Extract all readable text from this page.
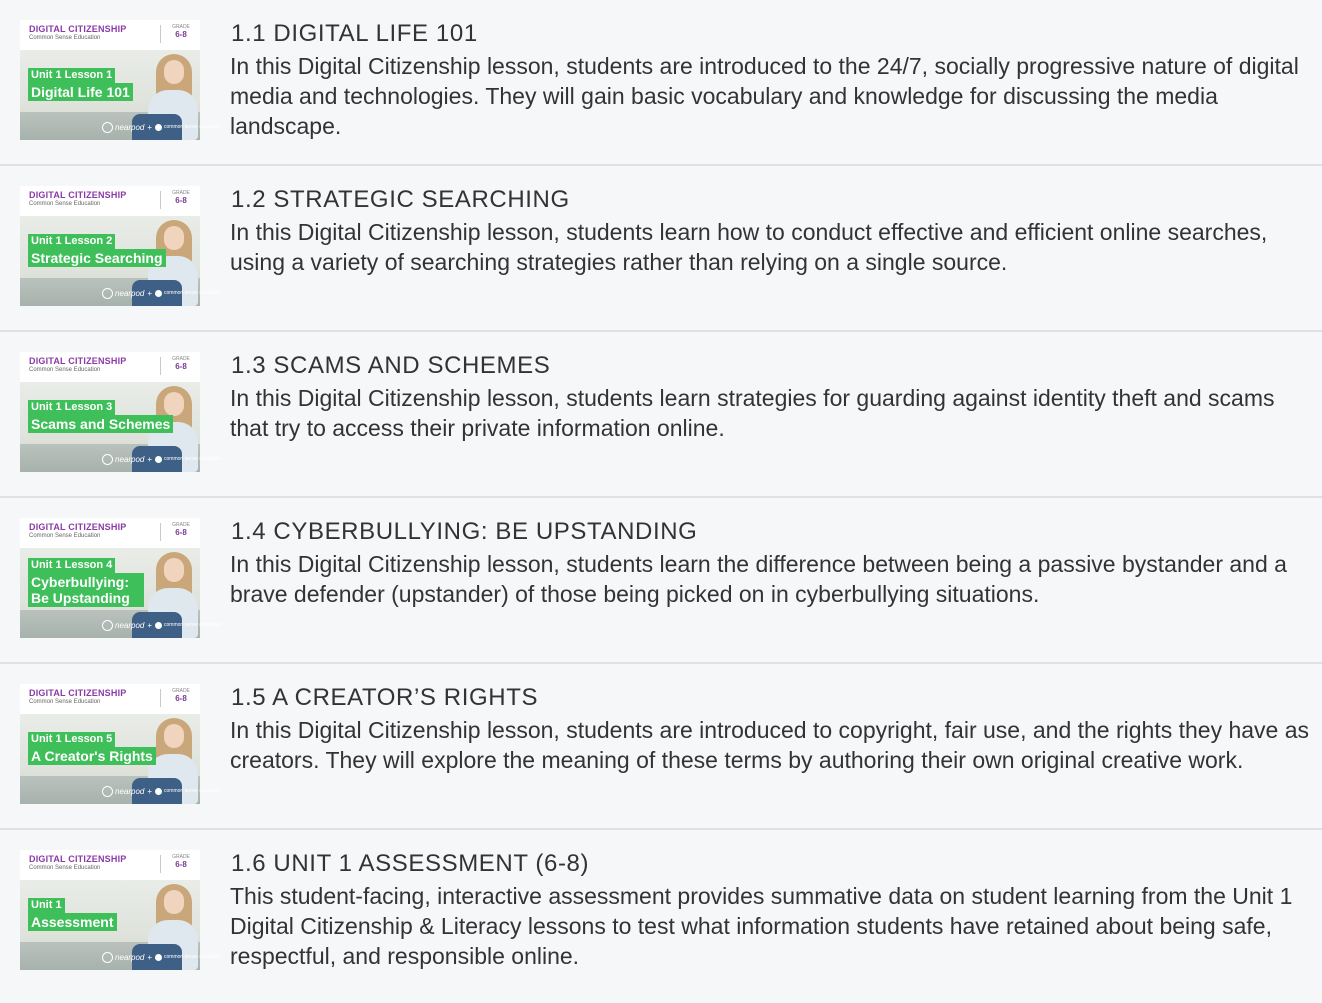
DIGITAL CITIZENSHIP
Common Sense Education
GRADE
6-8
Unit 1 Lesson 1
Digital Life 101
nearpod + common sense education
1.1 DIGITAL LIFE 101
In this Digital Citizenship lesson, students are introduced to the 24/7, socially progressive nature of digital media and technologies. They will gain basic vocabulary and knowledge for discussing the media landscape.
DIGITAL CITIZENSHIP
Common Sense Education
GRADE
6-8
Unit 1 Lesson 2
Strategic Searching
nearpod + common sense education
1.2 STRATEGIC SEARCHING
In this Digital Citizenship lesson, students learn how to conduct effective and efficient online searches, using a variety of searching strategies rather than relying on a single source.
DIGITAL CITIZENSHIP
Common Sense Education
GRADE
6-8
Unit 1 Lesson 3
Scams and Schemes
nearpod + common sense education
1.3 SCAMS AND SCHEMES
In this Digital Citizenship lesson, students learn strategies for guarding against identity theft and scams that try to access their private information online.
DIGITAL CITIZENSHIP
Common Sense Education
GRADE
6-8
Unit 1 Lesson 4
Cyberbullying: Be Upstanding
nearpod + common sense education
1.4 CYBERBULLYING: BE UPSTANDING
In this Digital Citizenship lesson, students learn the difference between being a passive bystander and a brave defender (upstander) of those being picked on in cyberbullying situations.
DIGITAL CITIZENSHIP
Common Sense Education
GRADE
6-8
Unit 1 Lesson 5
A Creator's Rights
nearpod + common sense education
1.5 A CREATOR’S RIGHTS
In this Digital Citizenship lesson, students are introduced to copyright, fair use, and the rights they have as creators. They will explore the meaning of these terms by authoring their own original creative work.
DIGITAL CITIZENSHIP
Common Sense Education
GRADE
6-8
Unit 1
Assessment
nearpod + common sense education
1.6 UNIT 1 ASSESSMENT (6-8)
This student-facing, interactive assessment provides summative data on student learning from the Unit 1 Digital Citizenship & Literacy lessons to test what information students have retained about being safe, respectful, and responsible online.
